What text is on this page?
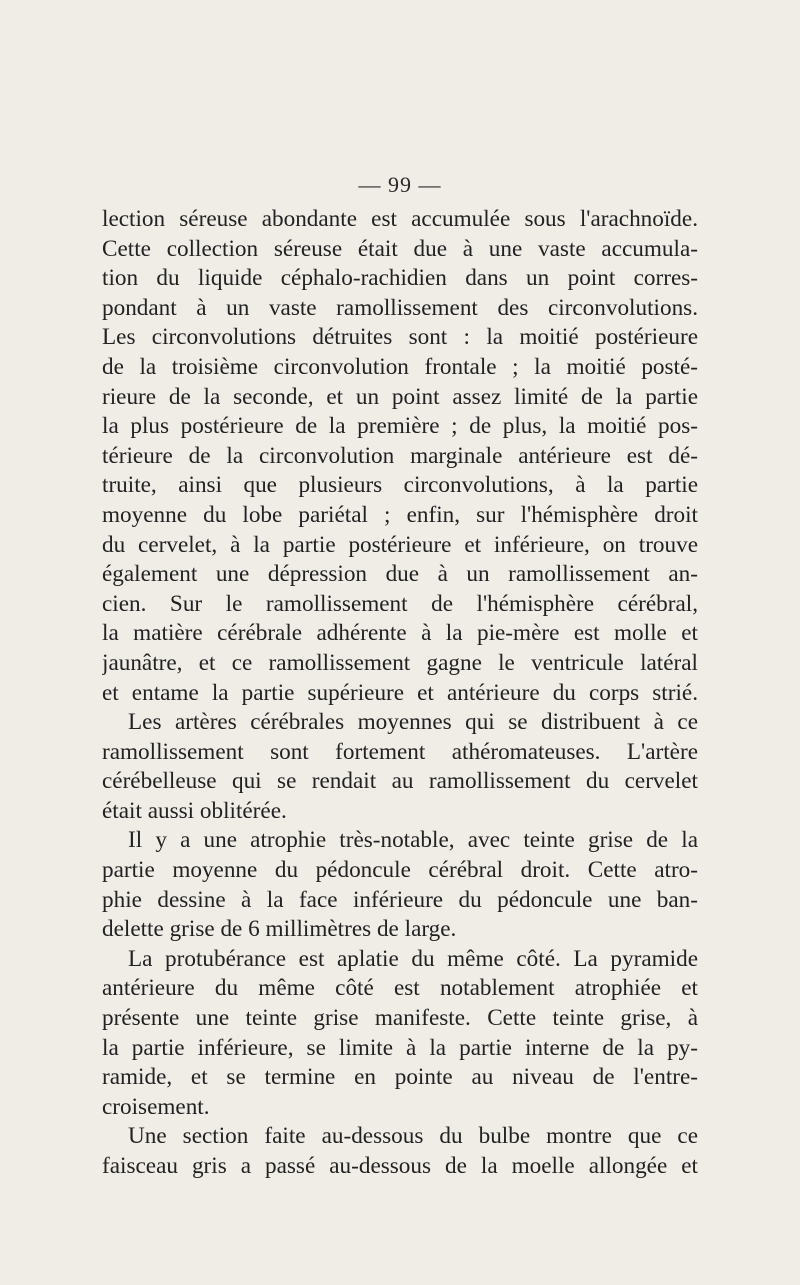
— 99 —
lection séreuse abondante est accumulée sous l'arachnoïde.
Cette collection séreuse était due à une vaste accumula-
tion du liquide céphalo-rachidien dans un point corres-
pondant à un vaste ramollissement des circonvolutions.
Les circonvolutions détruites sont : la moitié postérieure
de la troisième circonvolution frontale ; la moitié posté-
rieure de la seconde, et un point assez limité de la partie
la plus postérieure de la première ; de plus, la moitié pos-
térieure de la circonvolution marginale antérieure est dé-
truite, ainsi que plusieurs circonvolutions, à la partie
moyenne du lobe pariétal ; enfin, sur l'hémisphère droit
du cervelet, à la partie postérieure et inférieure, on trouve
également une dépression due à un ramollissement an-
cien. Sur le ramollissement de l'hémisphère cérébral,
la matière cérébrale adhérente à la pie-mère est molle et
jaunâtre, et ce ramollissement gagne le ventricule latéral
et entame la partie supérieure et antérieure du corps strié.
Les artères cérébrales moyennes qui se distribuent à ce
ramollissement sont fortement athéromateuses. L'artère
cérébelleuse qui se rendait au ramollissement du cervelet
était aussi oblitérée.
Il y a une atrophie très-notable, avec teinte grise de la
partie moyenne du pédoncule cérébral droit. Cette atro-
phie dessine à la face inférieure du pédoncule une ban-
delette grise de 6 millimètres de large.
La protubérance est aplatie du même côté. La pyramide
antérieure du même côté est notablement atrophiée et
présente une teinte grise manifeste. Cette teinte grise, à
la partie inférieure, se limite à la partie interne de la py-
ramide, et se termine en pointe au niveau de l'entre-
croisement.
Une section faite au-dessous du bulbe montre que ce
faisceau gris a passé au-dessous de la moelle allongée et
